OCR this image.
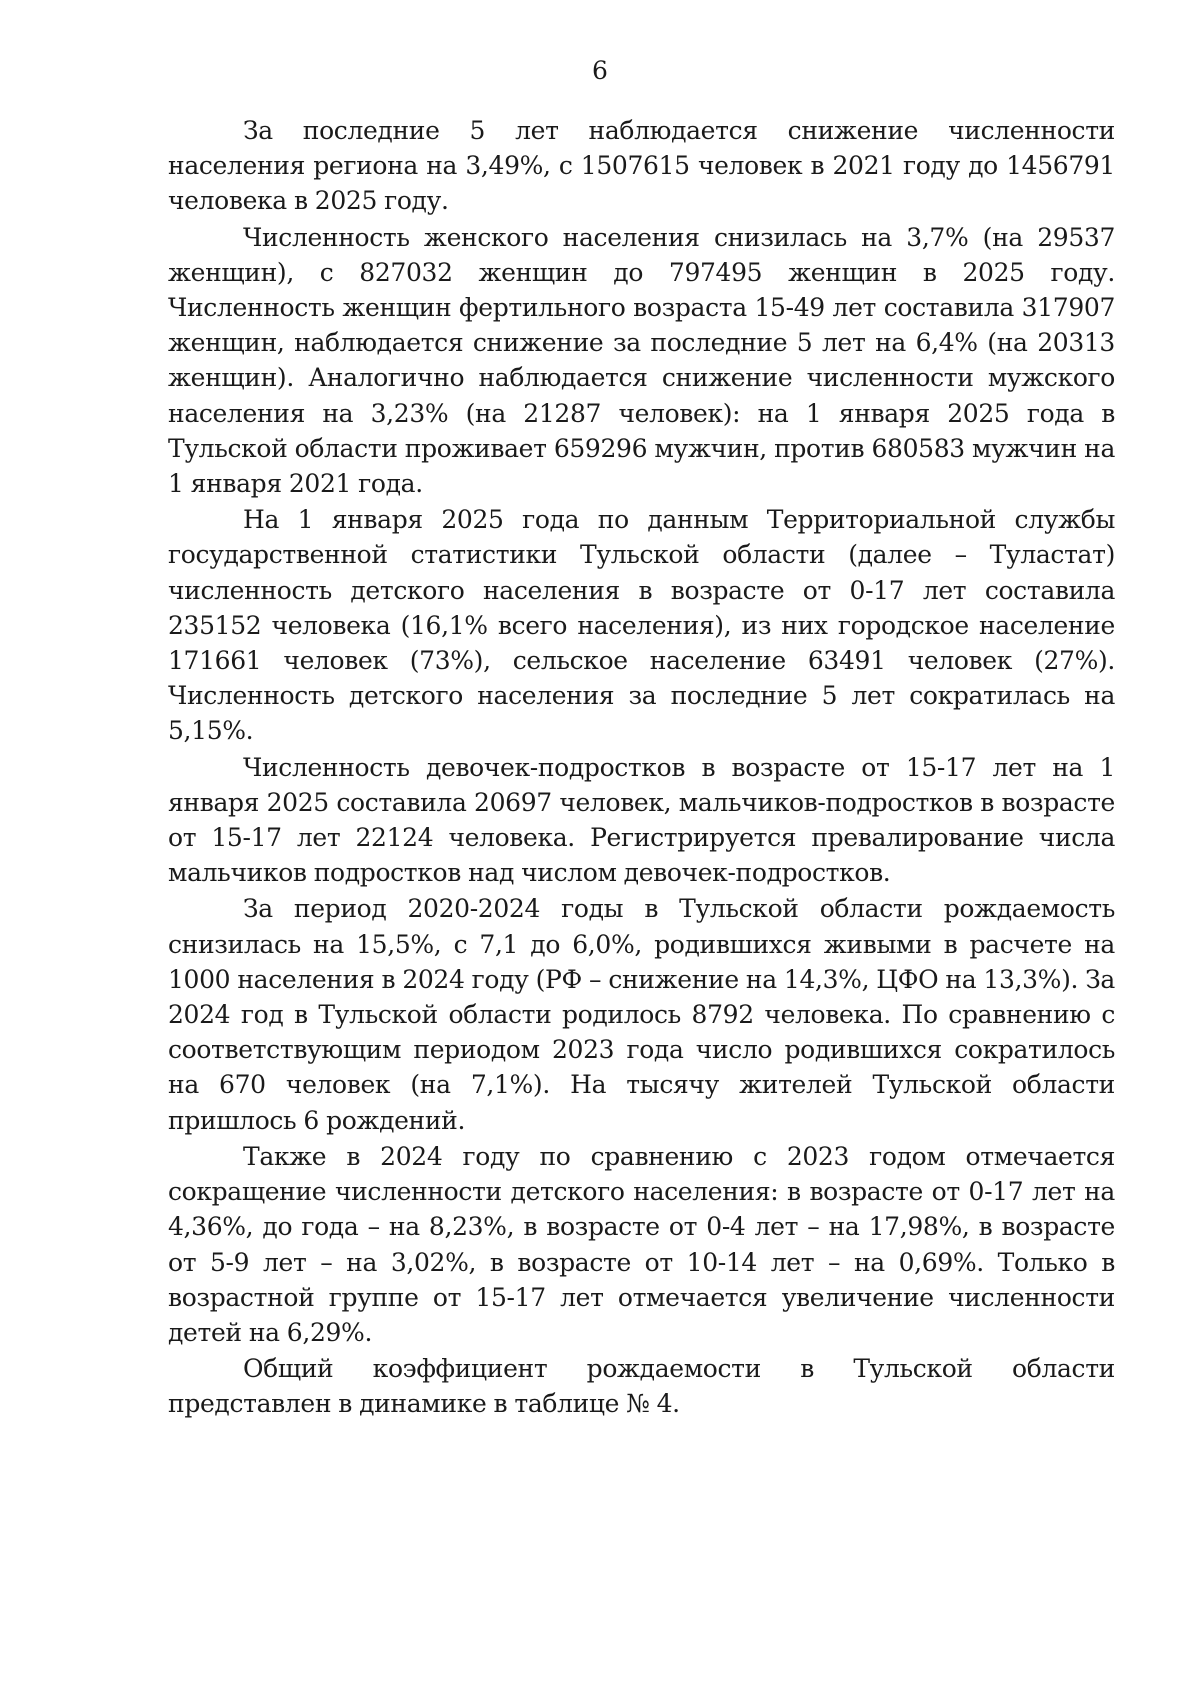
6

За последние 5 лет наблюдается снижение численности населения региона на 3,49%, с 1507615 человек в 2021 году до 1456791 человека в 2025 году.

Численность женского населения снизилась на 3,7% (на 29537 женщин), с 827032 женщин до 797495 женщин в 2025 году. Численность женщин фертильного возраста 15-49 лет составила 317907 женщин, наблюдается снижение за последние 5 лет на 6,4% (на 20313 женщин). Аналогично наблюдается снижение численности мужского населения на 3,23% (на 21287 человек): на 1 января 2025 года в Тульской области проживает 659296 мужчин, против 680583 мужчин на 1 января 2021 года.

На 1 января 2025 года по данным Территориальной службы государственной статистики Тульской области (далее – Туластат) численность детского населения в возрасте от 0-17 лет составила 235152 человека (16,1% всего населения), из них городское население 171661 человек (73%), сельское население 63491 человек (27%). Численность детского населения за последние 5 лет сократилась на 5,15%.

Численность девочек-подростков в возрасте от 15-17 лет на 1 января 2025 составила 20697 человек, мальчиков-подростков в возрасте от 15-17 лет 22124 человека. Регистрируется превалирование числа мальчиков подростков над числом девочек-подростков.

За период 2020-2024 годы в Тульской области рождаемость снизилась на 15,5%, с 7,1 до 6,0%, родившихся живыми в расчете на 1000 населения в 2024 году (РФ – снижение на 14,3%, ЦФО на 13,3%). За 2024 год в Тульской области родилось 8792 человека. По сравнению с соответствующим периодом 2023 года число родившихся сократилось на 670 человек (на 7,1%). На тысячу жителей Тульской области пришлось 6 рождений.

Также в 2024 году по сравнению с 2023 годом отмечается сокращение численности детского населения: в возрасте от 0-17 лет на 4,36%, до года – на 8,23%, в возрасте от 0-4 лет – на 17,98%, в возрасте от 5-9 лет – на 3,02%, в возрасте от 10-14 лет – на 0,69%. Только в возрастной группе от 15-17 лет отмечается увеличение численности детей на 6,29%.

Общий коэффициент рождаемости в Тульской области представлен в динамике в таблице № 4.
